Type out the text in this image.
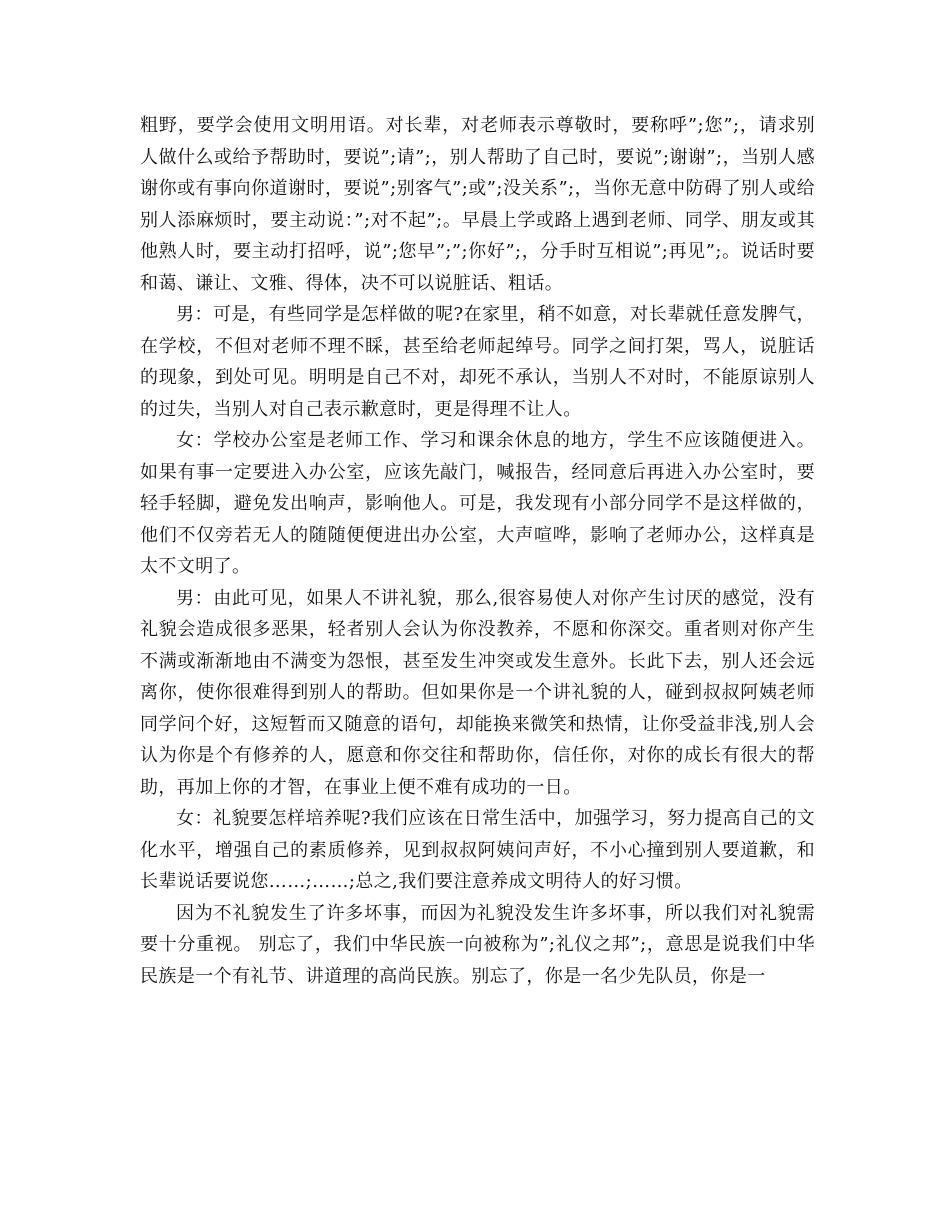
粗野，要学会使用文明用语。对长辈，对老师表示尊敬时，要称呼”;您”;，请求别人做什么或给予帮助时，要说”;请”;，别人帮助了自己时，要说”;谢谢”;，当别人感谢你或有事向你道谢时，要说”;别客气”;或”;没关系”;，当你无意中防碍了别人或给别人添麻烦时，要主动说：”;对不起”;。早晨上学或路上遇到老师、同学、朋友或其他熟人时，要主动打招呼，说”;您早”;”;你好”;，分手时互相说”;再见”;。说话时要和蔼、谦让、文雅、得体，决不可以说脏话、粗话。

男：可是，有些同学是怎样做的呢?在家里，稍不如意，对长辈就任意发脾气，在学校，不但对老师不理不睬，甚至给老师起绰号。同学之间打架，骂人，说脏话的现象，到处可见。明明是自己不对，却死不承认，当别人不对时，不能原谅别人的过失，当别人对自己表示歉意时，更是得理不让人。

女：学校办公室是老师工作、学习和课余休息的地方，学生不应该随便进入。如果有事一定要进入办公室，应该先敲门，喊报告，经同意后再进入办公室时，要轻手轻脚，避免发出响声，影响他人。可是，我发现有小部分同学不是这样做的，他们不仅旁若无人的随随便便进出办公室，大声喧哗，影响了老师办公，这样真是太不文明了。

男：由此可见，如果人不讲礼貌，那么,很容易使人对你产生讨厌的感觉，没有礼貌会造成很多恶果，轻者别人会认为你没教养，不愿和你深交。重者则对你产生不满或渐渐地由不满变为怨恨，甚至发生冲突或发生意外。长此下去，别人还会远离你，使你很难得到别人的帮助。但如果你是一个讲礼貌的人，碰到叔叔阿姨老师同学问个好，这短暂而又随意的语句，却能换来微笑和热情，让你受益非浅,别人会认为你是个有修养的人，愿意和你交往和帮助你，信任你，对你的成长有很大的帮助，再加上你的才智，在事业上便不难有成功的一日。

女：礼貌要怎样培养呢?我们应该在日常生活中，加强学习，努力提高自己的文化水平，增强自己的素质修养，见到叔叔阿姨问声好，不小心撞到别人要道歉，和长辈说话要说您……;……;总之,我们要注意养成文明待人的好习惯。

因为不礼貌发生了许多坏事，而因为礼貌没发生许多坏事，所以我们对礼貌需要十分重视。 别忘了，我们中华民族一向被称为”;礼仪之邦”;，意思是说我们中华民族是一个有礼节、讲道理的高尚民族。别忘了，你是一名少先队员，你是一
